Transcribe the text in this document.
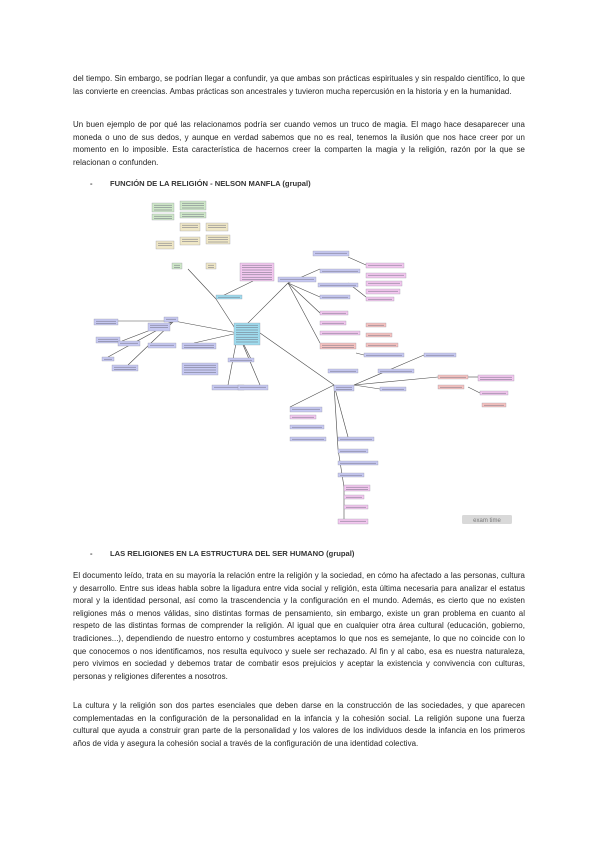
del tiempo. Sin embargo, se podrían llegar a confundir, ya que ambas son prácticas espirituales y sin respaldo científico, lo que las convierte en creencias. Ambas prácticas son ancestrales y tuvieron mucha repercusión en la historia y en la humanidad.

Un buen ejemplo de por qué las relacionamos podría ser cuando vemos un truco de magia. El mago hace desaparecer una moneda o uno de sus dedos, y aunque en verdad sabemos que no es real, tenemos la ilusión que nos hace creer por un momento en lo imposible. Esta característica de hacernos creer la comparten la magia y la religión, razón por la que se relacionan o confunden.

-	FUNCIÓN DE LA RELIGIÓN - NELSON MANFLA (grupal)
exam time
-	LAS RELIGIONES EN LA ESTRUCTURA DEL SER HUMANO (grupal)

El documento leído, trata en su mayoría la relación entre la religión y la sociedad, en cómo ha afectado a las personas, cultura y desarrollo. Entre sus ideas habla sobre la ligadura entre vida social y religión, esta última necesaria para analizar el estatus moral y la identidad personal, así como la trascendencia y la configuración en el mundo. Además, es cierto que no existen religiones más o menos válidas, sino distintas formas de pensamiento, sin embargo, existe un gran problema en cuanto al respeto de las distintas formas de comprender la religión. Al igual que en cualquier otra área cultural (educación, gobierno, tradiciones...), dependiendo de nuestro entorno y costumbres aceptamos lo que nos es semejante, lo que no coincide con lo que conocemos o nos identificamos, nos resulta equívoco y suele ser rechazado. Al fin y al cabo, esa es nuestra naturaleza, pero vivimos en sociedad y debemos tratar de combatir esos prejuicios y aceptar la existencia y convivencia con culturas, personas y religiones diferentes a nosotros.

La cultura y la religión son dos partes esenciales que deben darse en la construcción de las sociedades, y que aparecen complementadas en la configuración de la personalidad en la infancia y la cohesión social. La religión supone una fuerza cultural que ayuda a construir gran parte de la personalidad y los valores de los individuos desde la infancia en los primeros años de vida y asegura la cohesión social a través de la configuración de una identidad colectiva.
